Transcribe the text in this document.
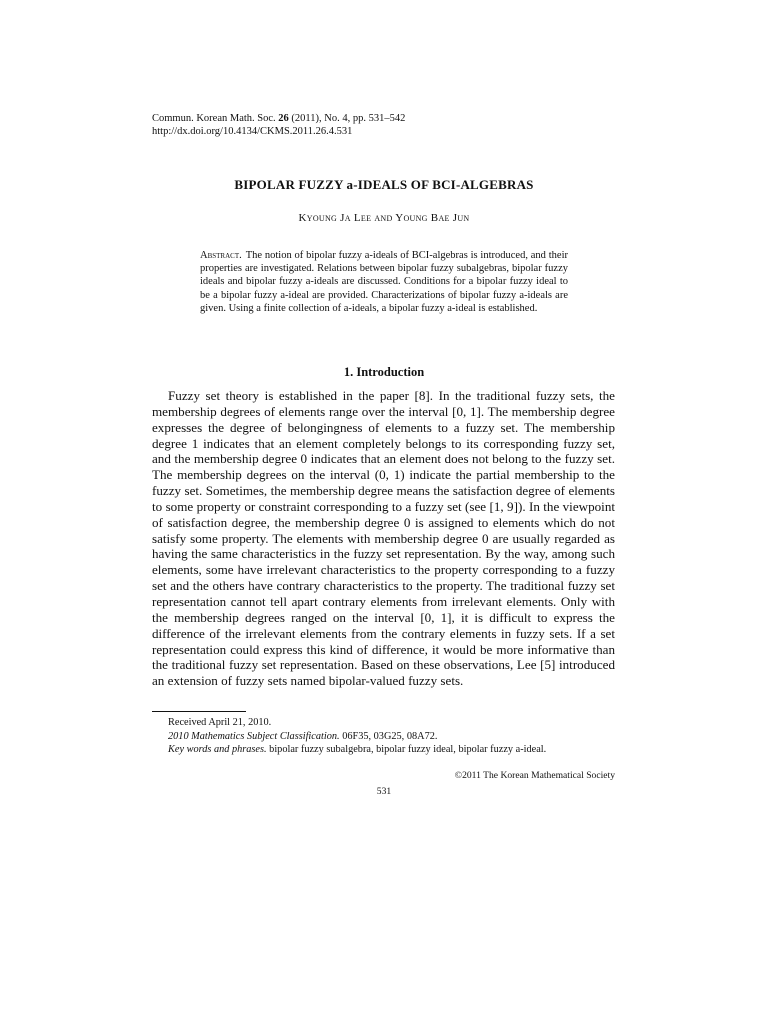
Commun. Korean Math. Soc. 26 (2011), No. 4, pp. 531–542
http://dx.doi.org/10.4134/CKMS.2011.26.4.531
BIPOLAR FUZZY a-IDEALS OF BCI-ALGEBRAS
Kyoung Ja Lee and Young Bae Jun
Abstract. The notion of bipolar fuzzy a-ideals of BCI-algebras is introduced, and their properties are investigated. Relations between bipolar fuzzy subalgebras, bipolar fuzzy ideals and bipolar fuzzy a-ideals are discussed. Conditions for a bipolar fuzzy ideal to be a bipolar fuzzy a-ideal are provided. Characterizations of bipolar fuzzy a-ideals are given. Using a finite collection of a-ideals, a bipolar fuzzy a-ideal is established.
1. Introduction
Fuzzy set theory is established in the paper [8]. In the traditional fuzzy sets, the membership degrees of elements range over the interval [0, 1]. The membership degree expresses the degree of belongingness of elements to a fuzzy set. The membership degree 1 indicates that an element completely belongs to its corresponding fuzzy set, and the membership degree 0 indicates that an element does not belong to the fuzzy set. The membership degrees on the interval (0, 1) indicate the partial membership to the fuzzy set. Sometimes, the membership degree means the satisfaction degree of elements to some property or constraint corresponding to a fuzzy set (see [1, 9]). In the viewpoint of satisfaction degree, the membership degree 0 is assigned to elements which do not satisfy some property. The elements with membership degree 0 are usually regarded as having the same characteristics in the fuzzy set representation. By the way, among such elements, some have irrelevant characteristics to the property corresponding to a fuzzy set and the others have contrary characteristics to the property. The traditional fuzzy set representation cannot tell apart contrary elements from irrelevant elements. Only with the membership degrees ranged on the interval [0, 1], it is difficult to express the difference of the irrelevant elements from the contrary elements in fuzzy sets. If a set representation could express this kind of difference, it would be more informative than the traditional fuzzy set representation. Based on these observations, Lee [5] introduced an extension of fuzzy sets named bipolar-valued fuzzy sets.
Received April 21, 2010.
2010 Mathematics Subject Classification. 06F35, 03G25, 08A72.
Key words and phrases. bipolar fuzzy subalgebra, bipolar fuzzy ideal, bipolar fuzzy a-ideal.
©2011 The Korean Mathematical Society
531
